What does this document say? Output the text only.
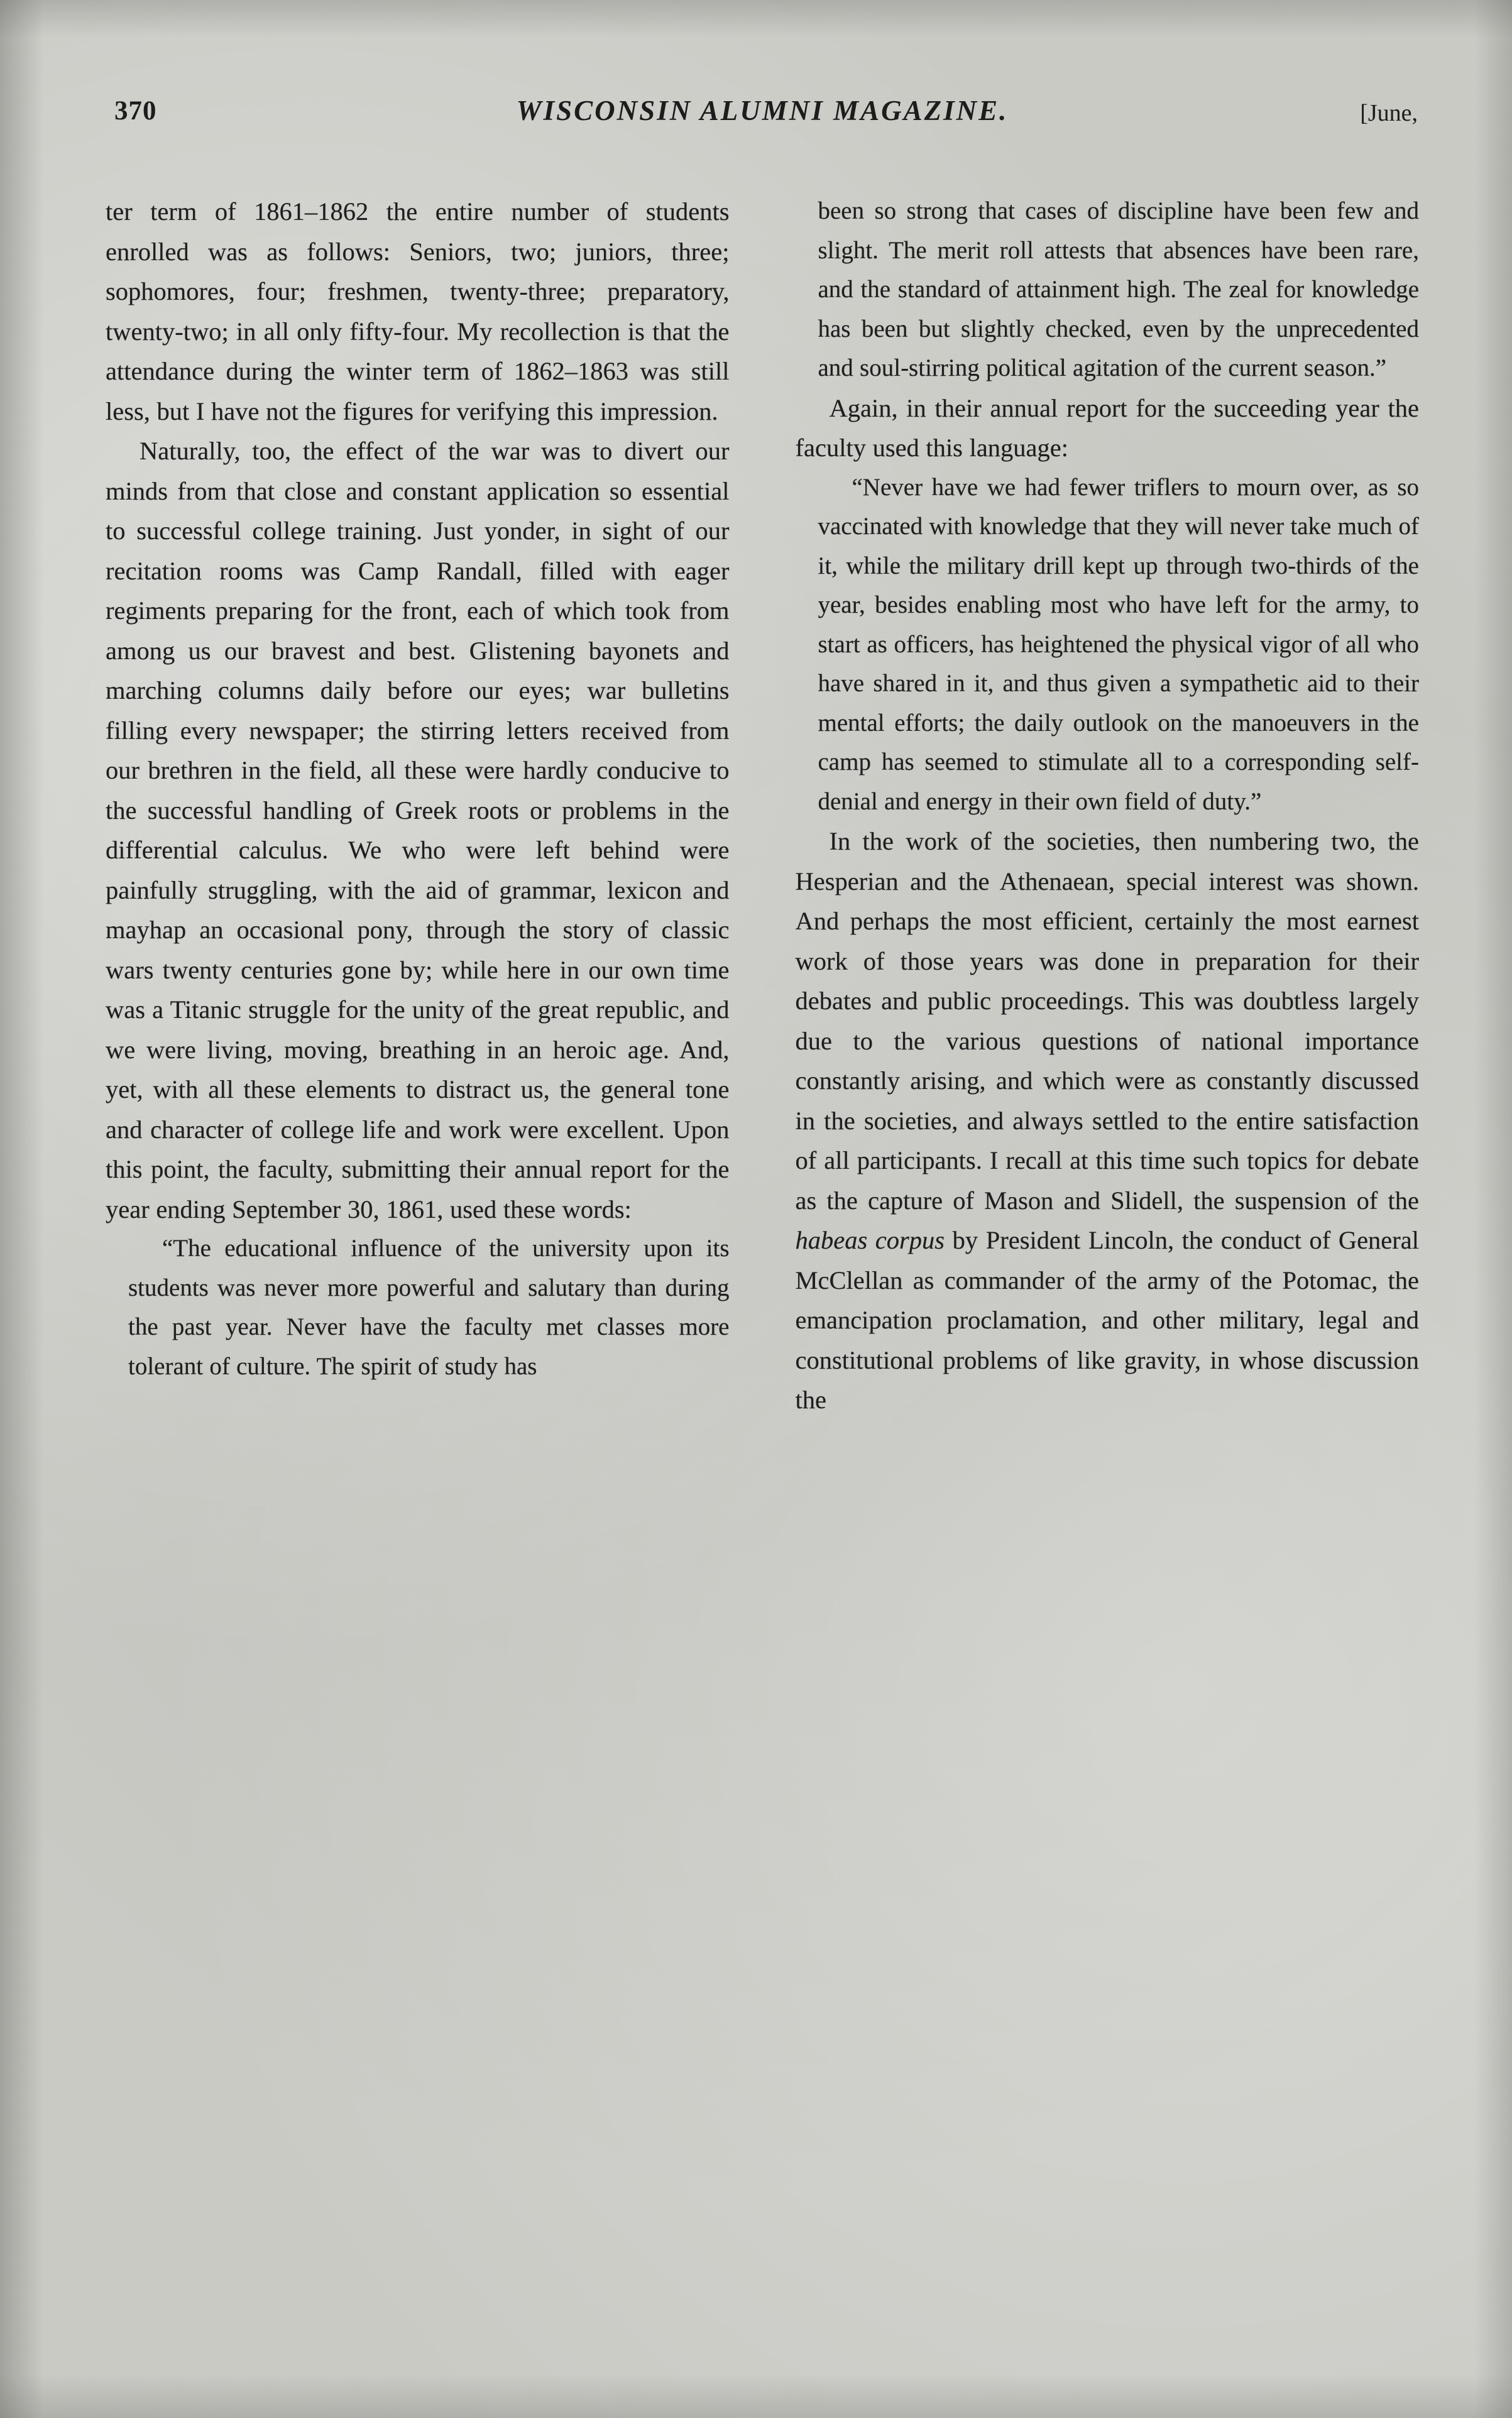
370	WISCONSIN ALUMNI MAGAZINE.	[June,

ter term of 1861–1862 the entire number of students enrolled was as follows: Seniors, two; juniors, three; sophomores, four; freshmen, twenty-three; preparatory, twenty-two; in all only fifty-four. My recollection is that the attendance during the winter term of 1862–1863 was still less, but I have not the figures for verifying this impression.

Naturally, too, the effect of the war was to divert our minds from that close and constant application so essential to successful college training. Just yonder, in sight of our recitation rooms was Camp Randall, filled with eager regiments preparing for the front, each of which took from among us our bravest and best. Glistening bayonets and marching columns daily before our eyes; war bulletins filling every newspaper; the stirring letters received from our brethren in the field, all these were hardly conducive to the successful handling of Greek roots or problems in the differential calculus. We who were left behind were painfully struggling, with the aid of grammar, lexicon and mayhap an occasional pony, through the story of classic wars twenty centuries gone by; while here in our own time was a Titanic struggle for the unity of the great republic, and we were living, moving, breathing in an heroic age. And, yet, with all these elements to distract us, the general tone and character of college life and work were excellent. Upon this point, the faculty, submitting their annual report for the year ending September 30, 1861, used these words:

“The educational influence of the university upon its students was never more powerful and salutary than during the past year. Never have the faculty met classes more tolerant of culture. The spirit of study has

been so strong that cases of discipline have been few and slight. The merit roll attests that absences have been rare, and the standard of attainment high. The zeal for knowledge has been but slightly checked, even by the unprecedented and soul-stirring political agitation of the current season.”

Again, in their annual report for the succeeding year the faculty used this language:

“Never have we had fewer triflers to mourn over, as so vaccinated with knowledge that they will never take much of it, while the military drill kept up through two-thirds of the year, besides enabling most who have left for the army, to start as officers, has heightened the physical vigor of all who have shared in it, and thus given a sympathetic aid to their mental efforts; the daily outlook on the manoeuvers in the camp has seemed to stimulate all to a corresponding self-denial and energy in their own field of duty.”

In the work of the societies, then numbering two, the Hesperian and the Athenaean, special interest was shown. And perhaps the most efficient, certainly the most earnest work of those years was done in preparation for their debates and public proceedings. This was doubtless largely due to the various questions of national importance constantly arising, and which were as constantly discussed in the societies, and always settled to the entire satisfaction of all participants. I recall at this time such topics for debate as the capture of Mason and Slidell, the suspension of the habeas corpus by President Lincoln, the conduct of General McClellan as commander of the army of the Potomac, the emancipation proclamation, and other military, legal and constitutional problems of like gravity, in whose discussion the
